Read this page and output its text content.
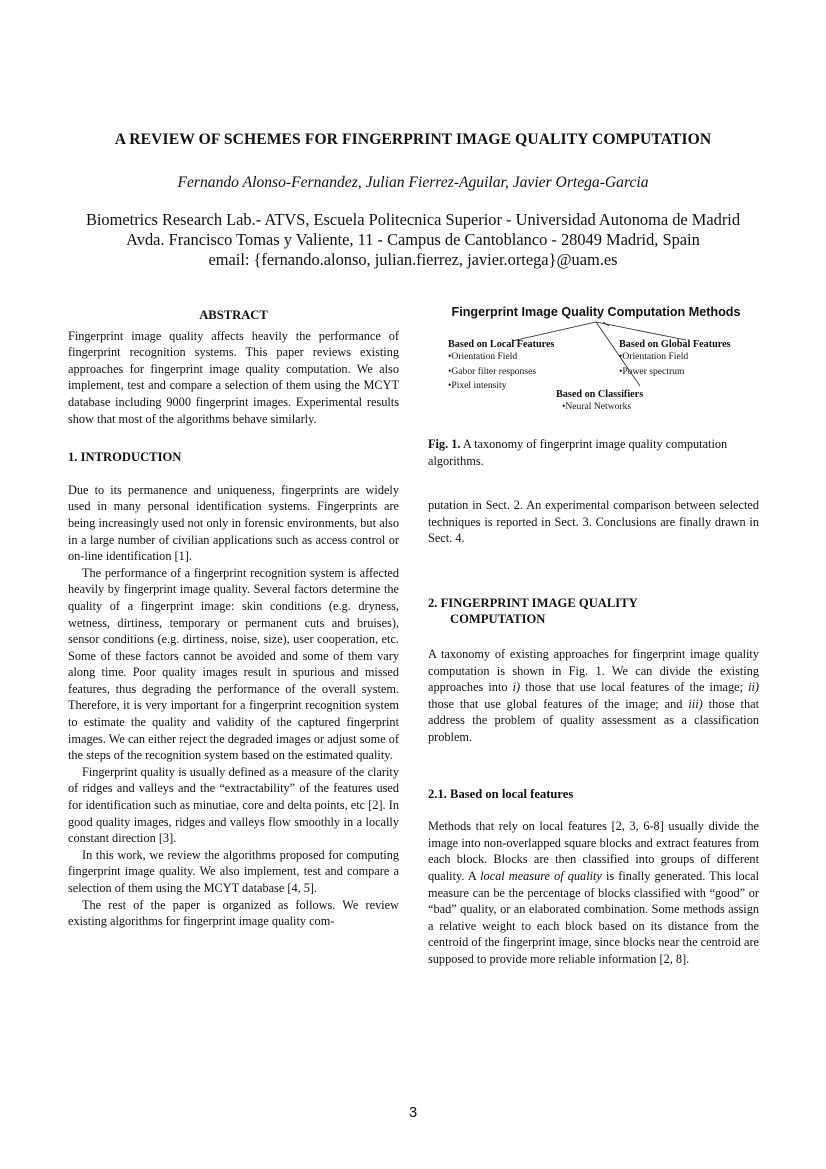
A REVIEW OF SCHEMES FOR FINGERPRINT IMAGE QUALITY COMPUTATION
Fernando Alonso-Fernandez, Julian Fierrez-Aguilar, Javier Ortega-Garcia
Biometrics Research Lab.- ATVS, Escuela Politecnica Superior - Universidad Autonoma de Madrid
Avda. Francisco Tomas y Valiente, 11 - Campus de Cantoblanco - 28049 Madrid, Spain
email: {fernando.alonso, julian.fierrez, javier.ortega}@uam.es
ABSTRACT

Fingerprint image quality affects heavily the performance of fingerprint recognition systems. This paper reviews existing approaches for fingerprint image quality computation. We also implement, test and compare a selection of them using the MCYT database including 9000 fingerprint images. Experimental results show that most of the algorithms behave similarly.

1. INTRODUCTION

Due to its permanence and uniqueness, fingerprints are widely used in many personal identification systems. Fingerprints are being increasingly used not only in forensic environments, but also in a large number of civilian applications such as access control or on-line identification [1].

The performance of a fingerprint recognition system is affected heavily by fingerprint image quality. Several factors determine the quality of a fingerprint image: skin conditions (e.g. dryness, wetness, dirtiness, temporary or permanent cuts and bruises), sensor conditions (e.g. dirtiness, noise, size), user cooperation, etc. Some of these factors cannot be avoided and some of them vary along time. Poor quality images result in spurious and missed features, thus degrading the performance of the overall system. Therefore, it is very important for a fingerprint recognition system to estimate the quality and validity of the captured fingerprint images. We can either reject the degraded images or adjust some of the steps of the recognition system based on the estimated quality.

Fingerprint quality is usually defined as a measure of the clarity of ridges and valleys and the “extractability” of the features used for identification such as minutiae, core and delta points, etc [2]. In good quality images, ridges and valleys flow smoothly in a locally constant direction [3].

In this work, we review the algorithms proposed for computing fingerprint image quality. We also implement, test and compare a selection of them using the MCYT database [4, 5].

The rest of the paper is organized as follows. We review existing algorithms for fingerprint image quality com-

Fingerprint Image Quality Computation Methods
Based on Local Features
•Orientation Field
•Gabor filter responses
•Pixel intensity
Based on Global Features
•Orientation Field
•Power spectrum
Based on Classifiers
•Neural Networks
Fig. 1. A taxonomy of fingerprint image quality computation algorithms.

putation in Sect. 2. An experimental comparison between selected techniques is reported in Sect. 3. Conclusions are finally drawn in Sect. 4.

2. FINGERPRINT IMAGE QUALITY
COMPUTATION

A taxonomy of existing approaches for fingerprint image quality computation is shown in Fig. 1. We can divide the existing approaches into i) those that use local features of the image; ii) those that use global features of the image; and iii) those that address the problem of quality assessment as a classification problem.

2.1. Based on local features

Methods that rely on local features [2, 3, 6-8] usually divide the image into non-overlapped square blocks and extract features from each block. Blocks are then classified into groups of different quality. A local measure of quality is finally generated. This local measure can be the percentage of blocks classified with “good” or “bad” quality, or an elaborated combination. Some methods assign a relative weight to each block based on its distance from the centroid of the fingerprint image, since blocks near the centroid are supposed to provide more reliable information [2, 8].

3
